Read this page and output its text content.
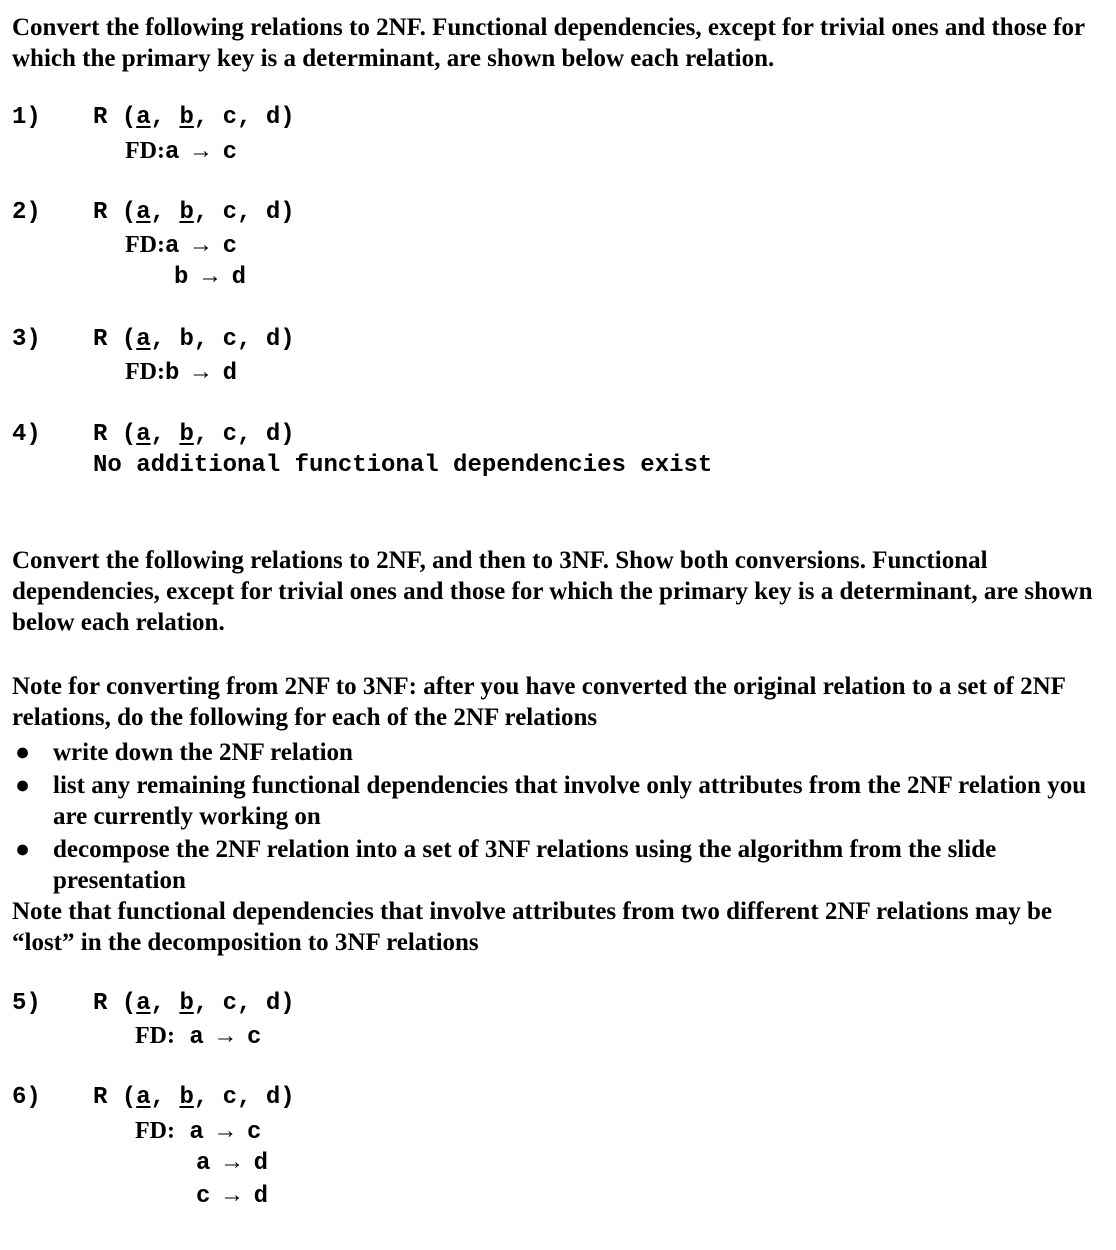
Convert the following relations to 2NF. Functional dependencies, except for trivial ones and those for which the primary key is a determinant, are shown below each relation.

1) R (a, b, c, d)
FD:a → c
2) R (a, b, c, d)
FD:a → c
b → d
3) R (a, b, c, d)
FD:b → d
4) R (a, b, c, d)
No additional functional dependencies exist

Convert the following relations to 2NF, and then to 3NF. Show both conversions. Functional dependencies, except for trivial ones and those for which the primary key is a determinant, are shown below each relation.

Note for converting from 2NF to 3NF: after you have converted the original relation to a set of 2NF relations, do the following for each of the 2NF relations

● write down the 2NF relation
● list any remaining functional dependencies that involve only attributes from the 2NF relation you are currently working on
● decompose the 2NF relation into a set of 3NF relations using the algorithm from the slide presentation

Note that functional dependencies that involve attributes from two different 2NF relations may be “lost” in the decomposition to 3NF relations

5) R (a, b, c, d)
FD: a → c
6) R (a, b, c, d)
FD: a → c
a → d
c → d
